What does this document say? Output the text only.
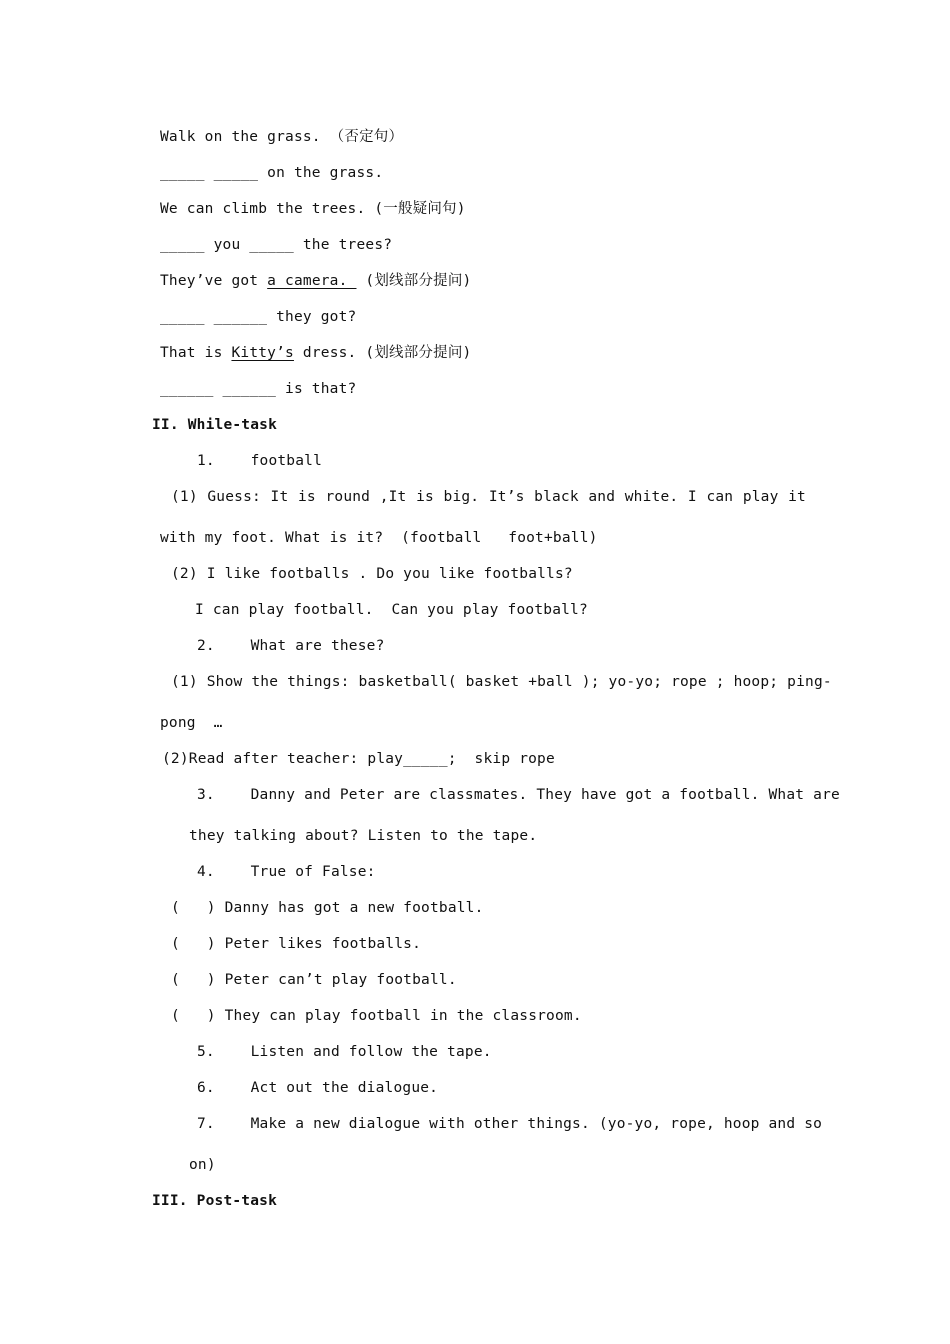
Walk on the grass. （否定句）
_____ _____ on the grass.
We can climb the trees. (一般疑问句)
_____ you _____ the trees?
They’ve got a camera.  (划线部分提问)
_____ ______ they got?
That is Kitty’s dress. (划线部分提问)
______ ______ is that?
II. While-task
1.    football
(1) Guess: It is round ,It is big. It’s black and white. I can play it
with my foot. What is it?  (football   foot+ball)
(2) I like footballs . Do you like footballs?
I can play football.  Can you play football?
2.    What are these?
(1) Show the things: basketball( basket +ball ); yo-yo; rope ; hoop; ping-
pong  …
(2)Read after teacher: play_____;  skip rope
3.    Danny and Peter are classmates. They have got a football. What are
they talking about? Listen to the tape.
4.    True of False:
(   ) Danny has got a new football.
(   ) Peter likes footballs.
(   ) Peter can’t play football.
(   ) They can play football in the classroom.
5.    Listen and follow the tape.
6.    Act out the dialogue.
7.    Make a new dialogue with other things. (yo-yo, rope, hoop and so
on)
III. Post-task
